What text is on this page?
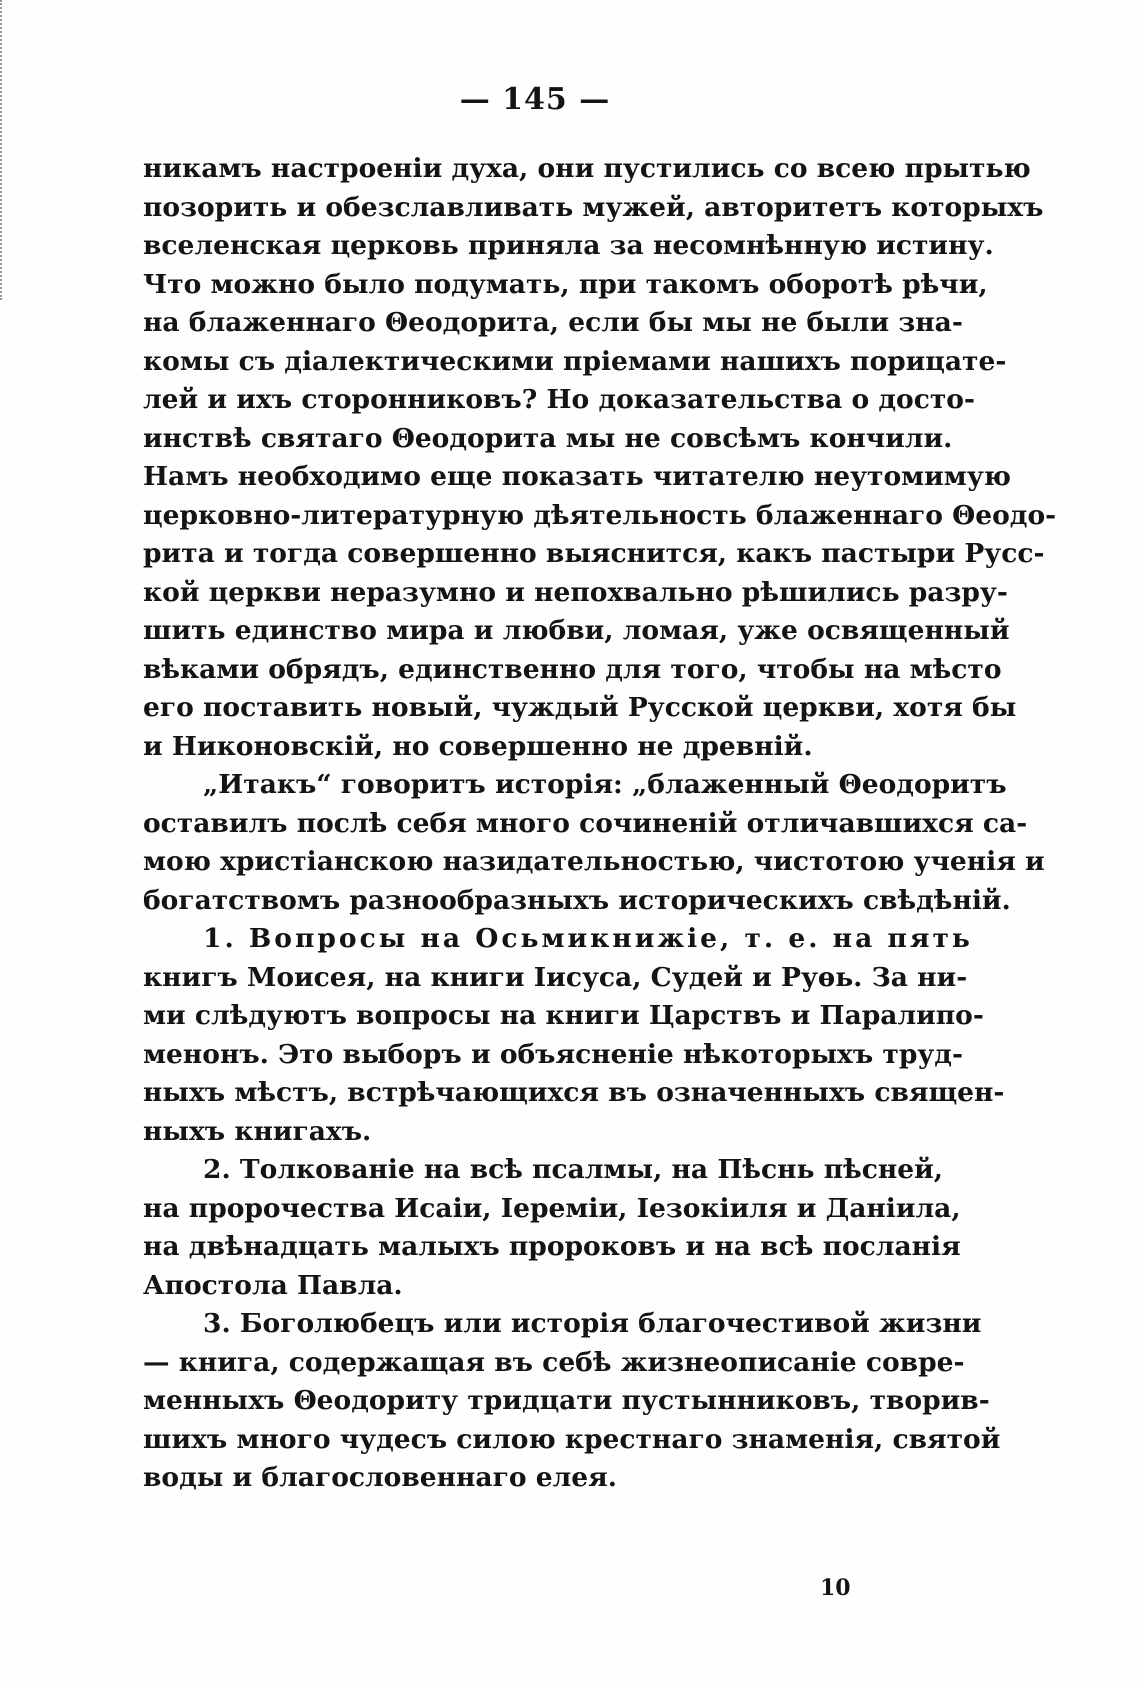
— 145 —
никамъ настроеніи духа, они пустились со всею прытью
позорить и обезславливать мужей, авторитетъ которыхъ
вселенская церковь приняла за несомнѣнную истину.
Что можно было подумать, при такомъ оборотѣ рѣчи,
на блаженнаго Θеодорита, если бы мы не были зна-
комы съ діалектическими пріемами нашихъ порицате-
лей и ихъ сторонниковъ? Но доказательства о досто-
инствѣ святаго Θеодорита мы не совсѣмъ кончили.
Намъ необходимо еще показать читателю неутомимую
церковно-литературную дѣятельность блаженнаго Θеодо-
рита и тогда совершенно выяснится, какъ пастыри Русс-
кой церкви неразумно и непохвально рѣшились разру-
шить единство мира и любви, ломая, уже освященный
вѣками обрядъ, единственно для того, чтобы на мѣсто
его поставить новый, чуждый Русской церкви, хотя бы
и Никоновскій, но совершенно не древній.
„Итакъ“ говоритъ исторія: „блаженный Θеодоритъ
оставилъ послѣ себя много сочиненій отличавшихся са-
мою христіанскою назидательностью, чистотою ученія и
богатствомъ разнообразныхъ историческихъ свѣдѣній.
1. Вопросы на Осьмикнижіе, т. е. на пять
книгъ Моисея, на книги Іисуса, Судей и Руѳь. За ни-
ми слѣдуютъ вопросы на книги Царствъ и Паралипо-
менонъ. Это выборъ и объясненіе нѣкоторыхъ труд-
ныхъ мѣстъ, встрѣчающихся въ означенныхъ священ-
ныхъ книгахъ.
2. Толкованіе на всѣ псалмы, на Пѣснь пѣсней,
на пророчества Исаіи, Іереміи, Іезокіиля и Даніила,
на двѣнадцать малыхъ пророковъ и на всѣ посланія
Апостола Павла.
3. Боголюбецъ или исторія благочестивой жизни
— книга, содержащая въ себѣ жизнеописаніе совре-
менныхъ Θеодориту тридцати пустынниковъ, творив-
шихъ много чудесъ силою крестнаго знаменія, святой
воды и благословеннаго елея.
10
